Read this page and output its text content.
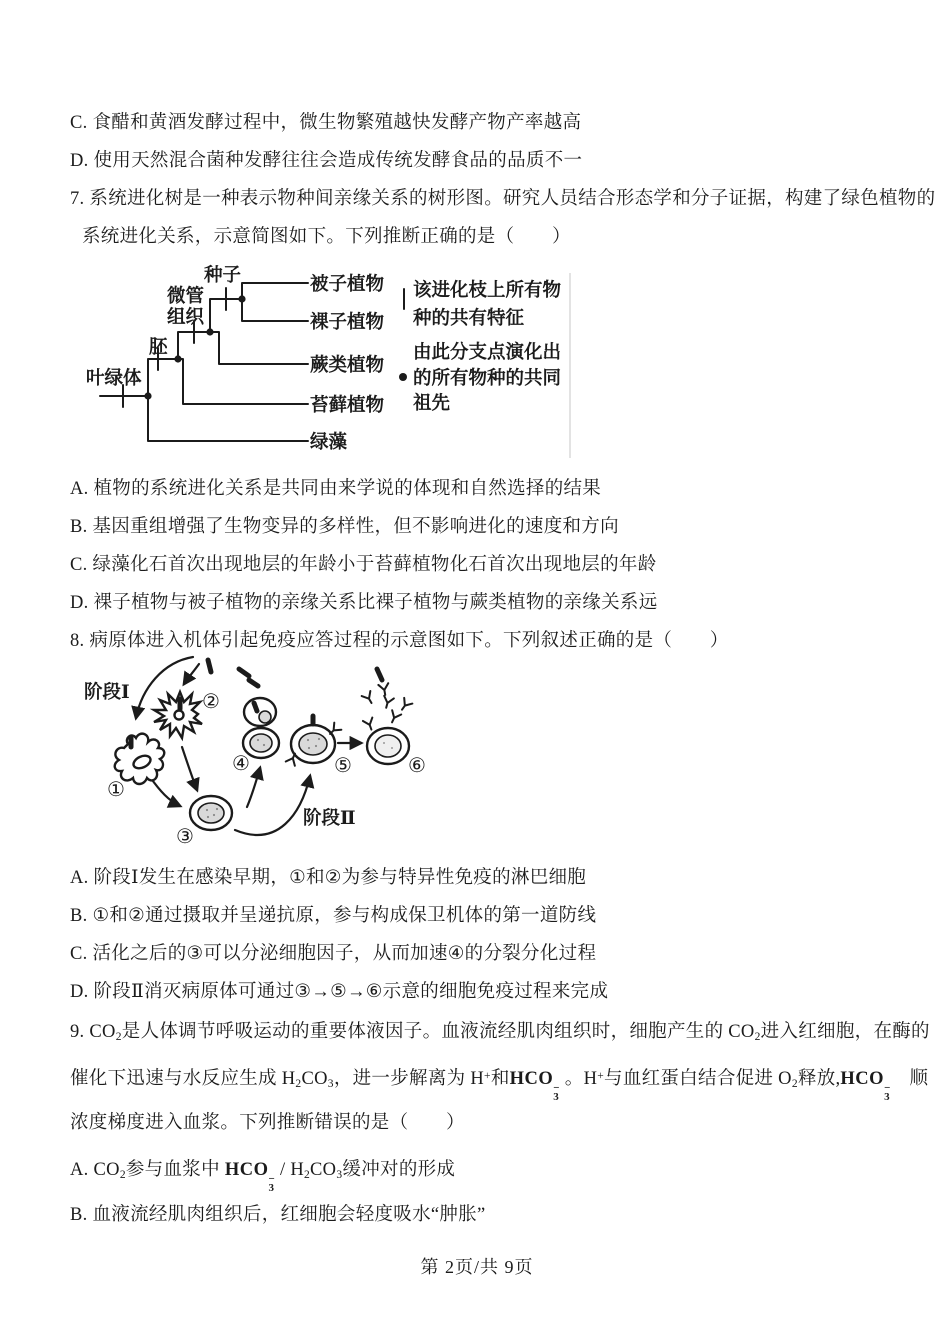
C. 食醋和黄酒发酵过程中，微生物繁殖越快发酵产物产率越高

D. 使用天然混合菌种发酵往往会造成传统发酵食品的品质不一

7. 系统进化树是一种表示物种间亲缘关系的树形图。研究人员结合形态学和分子证据，构建了绿色植物的

系统进化关系，示意简图如下。下列推断正确的是（　　）

叶绿体
胚
微管
组织
种子	被子植物
裸子植物
蕨类植物
苔藓植物
绿藻
该进化枝上所有物
种的共有特征
由此分支点演化出
的所有物种的共同
祖先

A. 植物的系统进化关系是共同由来学说的体现和自然选择的结果

B. 基因重组增强了生物变异的多样性，但不影响进化的速度和方向

C. 绿藻化石首次出现地层的年龄小于苔藓植物化石首次出现地层的年龄

D. 裸子植物与被子植物的亲缘关系比裸子植物与蕨类植物的亲缘关系远

8. 病原体进入机体引起免疫应答过程的示意图如下。下列叙述正确的是（　　）

阶段Ⅰ
阶段Ⅱ
①
②
③
④	⑤	⑥

A. 阶段Ⅰ发生在感染早期，①和②为参与特异性免疫的淋巴细胞

B. ①和②通过摄取并呈递抗原，参与构成保卫机体的第一道防线

C. 活化之后的③可以分泌细胞因子，从而加速④的分裂分化过程

D. 阶段Ⅱ消灭病原体可通过③→⑤→⑥示意的细胞免疫过程来完成

9. $CO_2$是人体调节呼吸运动的重要体液因子。血液流经肌肉组织时，细胞产生的 $CO_2$进入红细胞，在酶的

催化下迅速与水反应生成 $H_2CO_3$，进一步解离为 H+和HCO −
3
。H+与血红蛋白结合促进 $O_2$释放,HCO −
3
　顺

浓度梯度进入血浆。下列推断错误的是（　　）

A. $CO_2$参与血浆中 HCO −
3
/ $H_2CO_3$缓冲对的形成

B. 血液流经肌肉组织后，红细胞会轻度吸水“肿胀”

第 2页/共 9页
